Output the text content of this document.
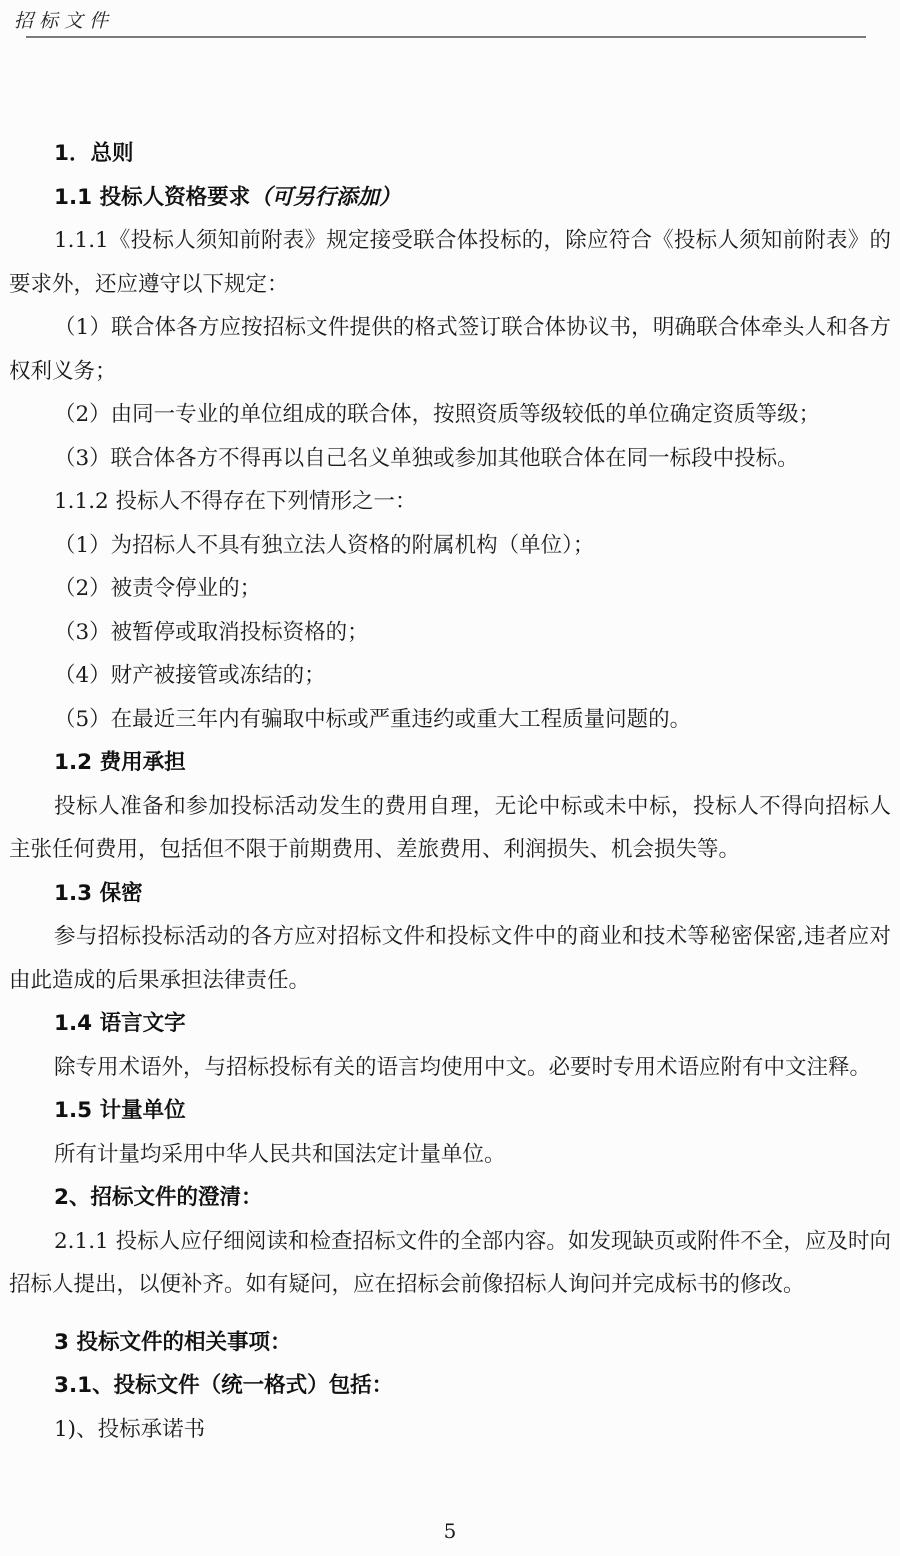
招标文件

1．总则

1.1 投标人资格要求（可另行添加）

1.1.1《投标人须知前附表》规定接受联合体投标的，除应符合《投标人须知前附表》的要求外，还应遵守以下规定：

（1）联合体各方应按招标文件提供的格式签订联合体协议书，明确联合体牵头人和各方权利义务；

（2）由同一专业的单位组成的联合体，按照资质等级较低的单位确定资质等级；

（3）联合体各方不得再以自己名义单独或参加其他联合体在同一标段中投标。

1.1.2 投标人不得存在下列情形之一：

（1）为招标人不具有独立法人资格的附属机构（单位）；

（2）被责令停业的；

（3）被暂停或取消投标资格的；

（4）财产被接管或冻结的；

（5）在最近三年内有骗取中标或严重违约或重大工程质量问题的。

1.2 费用承担

投标人准备和参加投标活动发生的费用自理，无论中标或未中标，投标人不得向招标人主张任何费用，包括但不限于前期费用、差旅费用、利润损失、机会损失等。

1.3 保密

参与招标投标活动的各方应对招标文件和投标文件中的商业和技术等秘密保密,违者应对由此造成的后果承担法律责任。

1.4 语言文字

除专用术语外，与招标投标有关的语言均使用中文。必要时专用术语应附有中文注释。

1.5 计量单位

所有计量均采用中华人民共和国法定计量单位。

2、招标文件的澄清：

2.1.1 投标人应仔细阅读和检查招标文件的全部内容。如发现缺页或附件不全，应及时向招标人提出，以便补齐。如有疑问，应在招标会前像招标人询问并完成标书的修改。

3 投标文件的相关事项：

3.1、投标文件（统一格式）包括：

1)、投标承诺书

5
